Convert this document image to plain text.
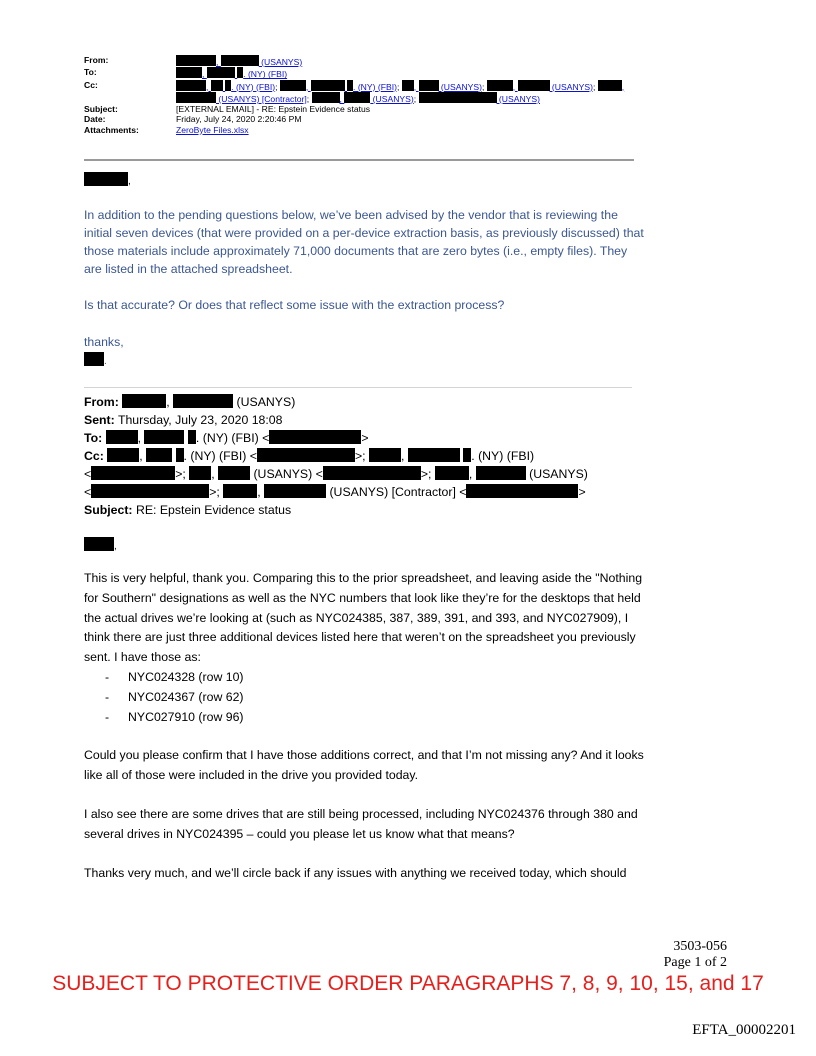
From:	,	(USANYS)
To:	,	. (NY) (FBI)
Cc:	,  . (NY) (FBI);	,	. (NY) (FBI); ,  (USANYS);	,	(USANYS);	,  (USANYS) [Contractor];	,	(USANYS);	(USANYS)
Subject:	[EXTERNAL EMAIL] - RE: Epstein Evidence status
Date:	Friday, July 24, 2020 2:20:46 PM
Attachments:	ZeroByte Files.xlsx
,
In addition to the pending questions below, we’ve been advised by the vendor that is reviewing the initial seven devices (that were provided on a per-device extraction basis, as previously discussed) that those materials include approximately 71,000 documents that are zero bytes (i.e., empty files). They are listed in the attached spreadsheet.
Is that accurate? Or does that reflect some issue with the extraction process?
thanks,
.
From:	,	(USANYS)
Sent: Thursday, July 23, 2020 18:08
To:	,	. (NY) (FBI) <	>
Cc:	,	. (NY) (FBI) <	>;	,	. (NY) (FBI)
<	>; ,	(USANYS) <	>;	,	(USANYS)
<	>;	,	(USANYS) [Contractor] <	>
Subject: RE: Epstein Evidence status
,

This is very helpful, thank you. Comparing this to the prior spreadsheet, and leaving aside the "Nothing for Southern" designations as well as the NYC numbers that look like they’re for the desktops that held the actual drives we’re looking at (such as NYC024385, 387, 389, 391, and 393, and NYC027909), I think there are just three additional devices listed here that weren’t on the spreadsheet you previously sent. I have those as:

- NYC024328 (row 10)
- NYC024367 (row 62)
- NYC027910 (row 96)

Could you please confirm that I have those additions correct, and that I’m not missing any? And it looks like all of those were included in the drive you provided today.

I also see there are some drives that are still being processed, including NYC024376 through 380 and several drives in NYC024395 – could you please let us know what that means?

Thanks very much, and we’ll circle back if any issues with anything we received today, which should

3503-056
Page 1 of 2
SUBJECT TO PROTECTIVE ORDER PARAGRAPHS 7, 8, 9, 10, 15, and 17
EFTA_00002201
